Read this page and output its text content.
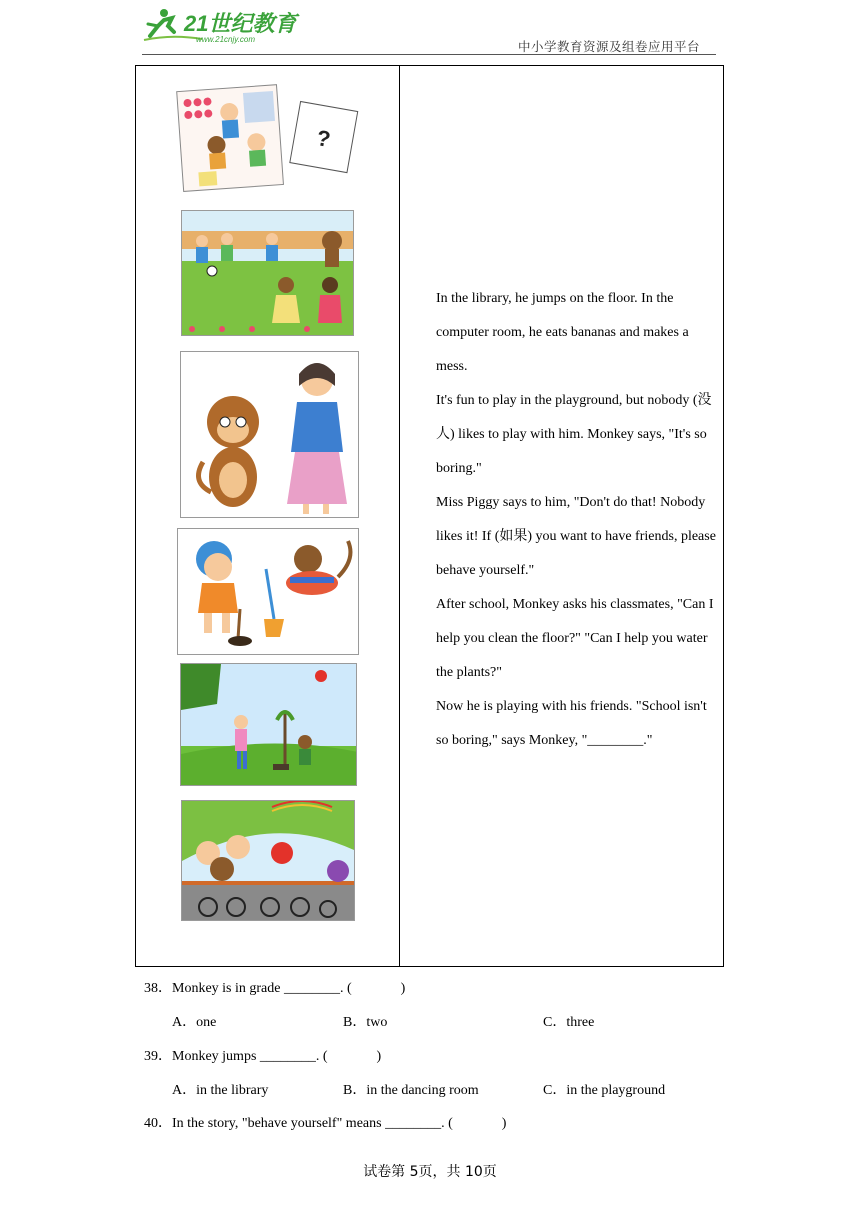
21世纪教育
www.21cnjy.com	中小学教育资源及组卷应用平台
?

In the library, he jumps on the floor. In the computer room, he eats bananas and makes a mess.

It's fun to play in the playground, but nobody (没人) likes to play with him. Monkey says, "It's so boring."

Miss Piggy says to him, "Don't do that! Nobody likes it! If (如果) you want to have friends, please behave yourself."

After school, Monkey asks his classmates, "Can I help you clean the floor?" "Can I help you water the plants?"

Now he is playing with his friends. "School isn't so boring," says Monkey, "________."

38．Monkey is in grade ________. (              )
A．one	B．two	C．three
39．Monkey jumps ________. (              )
A．in the library	B．in the dancing room	C．in the playground
40．In the story, "behave yourself" means ________. (              )
试卷第 5页，共 10页
